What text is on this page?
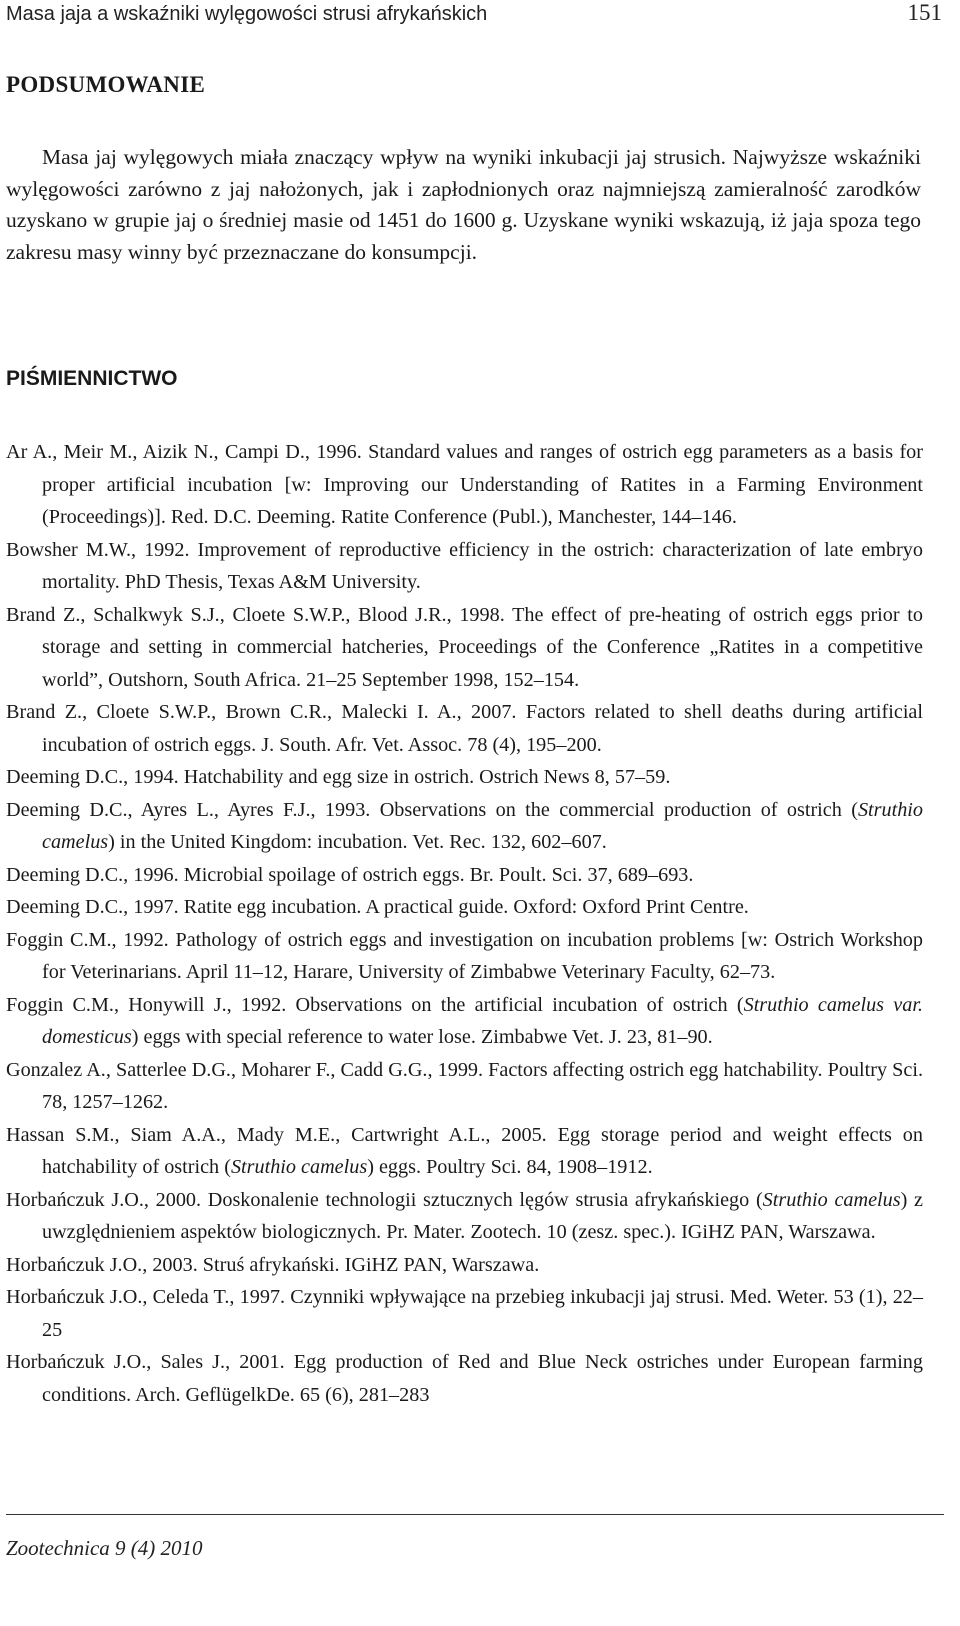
Masa jaja a wskaźniki wylęgowości strusi afrykańskich	151
PODSUMOWANIE

Masa jaj wylęgowych miała znaczący wpływ na wyniki inkubacji jaj strusich. Najwyższe wskaźniki wylęgowości zarówno z jaj nałożonych, jak i zapłodnionych oraz najmniejszą zamieralność zarodków uzyskano w grupie jaj o średniej masie od 1451 do 1600 g. Uzyskane wyniki wskazują, iż jaja spoza tego zakresu masy winny być przeznaczane do konsumpcji.

PIŚMIENNICTWO
Ar A., Meir M., Aizik N., Campi D., 1996. Standard values and ranges of ostrich egg parameters as a basis for proper artificial incubation [w: Improving our Understanding of Ratites in a Farming Environment (Proceedings)]. Red. D.C. Deeming. Ratite Conference (Publ.), Manchester, 144–146.
Bowsher M.W., 1992. Improvement of reproductive efficiency in the ostrich: characterization of late embryo mortality. PhD Thesis, Texas A&M University.
Brand Z., Schalkwyk S.J., Cloete S.W.P., Blood J.R., 1998. The effect of pre-heating of ostrich eggs prior to storage and setting in commercial hatcheries, Proceedings of the Conference „Ratites in a competitive world”, Outshorn, South Africa. 21–25 September 1998, 152–154.
Brand Z., Cloete S.W.P., Brown C.R., Malecki I. A., 2007. Factors related to shell deaths during artificial incubation of ostrich eggs. J. South. Afr. Vet. Assoc. 78 (4), 195–200.
Deeming D.C., 1994. Hatchability and egg size in ostrich. Ostrich News 8, 57–59.
Deeming D.C., Ayres L., Ayres F.J., 1993. Observations on the commercial production of ostrich (Struthio camelus) in the United Kingdom: incubation. Vet. Rec. 132, 602–607.
Deeming D.C., 1996. Microbial spoilage of ostrich eggs. Br. Poult. Sci. 37, 689–693.
Deeming D.C., 1997. Ratite egg incubation. A practical guide. Oxford: Oxford Print Centre.
Foggin C.M., 1992. Pathology of ostrich eggs and investigation on incubation problems [w: Ostrich Workshop for Veterinarians. April 11–12, Harare, University of Zimbabwe Veterinary Faculty, 62–73.
Foggin C.M., Honywill J., 1992. Observations on the artificial incubation of ostrich (Struthio camelus var. domesticus) eggs with special reference to water lose. Zimbabwe Vet. J. 23, 81–90.
Gonzalez A., Satterlee D.G., Moharer F., Cadd G.G., 1999. Factors affecting ostrich egg hatchability. Poultry Sci. 78, 1257–1262.
Hassan S.M., Siam A.A., Mady M.E., Cartwright A.L., 2005. Egg storage period and weight effects on hatchability of ostrich (Struthio camelus) eggs. Poultry Sci. 84, 1908–1912.
Horbańczuk J.O., 2000. Doskonalenie technologii sztucznych lęgów strusia afrykańskiego (Struthio camelus) z uwzględnieniem aspektów biologicznych. Pr. Mater. Zootech. 10 (zesz. spec.). IGiHZ PAN, Warszawa.
Horbańczuk J.O., 2003. Struś afrykański. IGiHZ PAN, Warszawa.
Horbańczuk J.O., Celeda T., 1997. Czynniki wpływające na przebieg inkubacji jaj strusi. Med. Weter. 53 (1), 22–25
Horbańczuk J.O., Sales J., 2001. Egg production of Red and Blue Neck ostriches under European farming conditions. Arch. GeflügelkDe. 65 (6), 281–283
Zootechnica 9 (4) 2010
